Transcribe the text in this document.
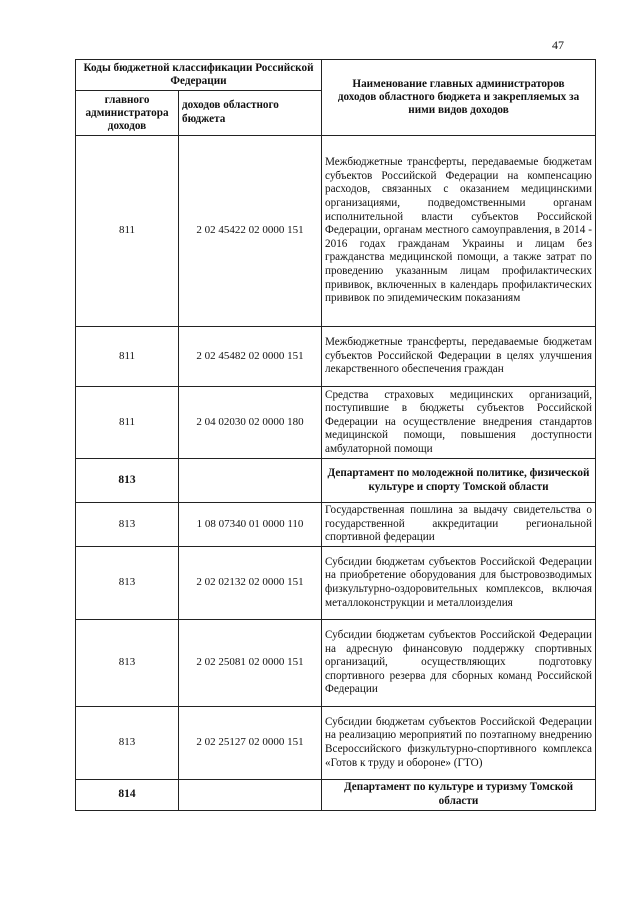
47
Коды бюджетной классификации Российской Федерации		Наименование главных администраторов доходов областного бюджета и закрепляемых за ними видов доходов
главного администратора доходов	доходов областного бюджета	
811	2 02 45422 02 0000 151	Межбюджетные трансферты, передаваемые бюджетам субъектов Российской Федерации на компенсацию расходов, связанных с оказанием медицинскими организациями, подведомственными органам исполнительной власти субъектов Российской Федерации, органам местного самоуправления, в 2014 - 2016 годах гражданам Украины и лицам без гражданства медицинской помощи, а также затрат по проведению указанным лицам профилактических прививок, включенных в календарь профилактических прививок по эпидемическим показаниям
811	2 02 45482 02 0000 151	Межбюджетные трансферты, передаваемые бюджетам субъектов Российской Федерации в целях улучшения лекарственного обеспечения граждан
811	2 04 02030 02 0000 180	Средства страховых медицинских организаций, поступившие в бюджеты субъектов Российской Федерации на осуществление внедрения стандартов медицинской помощи, повышения доступности амбулаторной помощи
813		Департамент по молодежной политике, физической культуре и спорту Томской области
813	1 08 07340 01 0000 110	Государственная пошлина за выдачу свидетельства о государственной аккредитации региональной спортивной федерации
813	2 02 02132 02 0000 151	Субсидии бюджетам субъектов Российской Федерации на приобретение оборудования для быстровозводимых физкультурно-оздоровительных комплексов, включая металлоконструкции и металлоизделия
813	2 02 25081 02 0000 151	Субсидии бюджетам субъектов Российской Федерации на адресную финансовую поддержку спортивных организаций, осуществляющих подготовку спортивного резерва для сборных команд Российской Федерации
813	2 02 25127 02 0000 151	Субсидии бюджетам субъектов Российской Федерации на реализацию мероприятий по поэтапному внедрению Всероссийского физкультурно-спортивного комплекса «Готов к труду и обороне» (ГТО)
814		Департамент по культуре и туризму Томской области
